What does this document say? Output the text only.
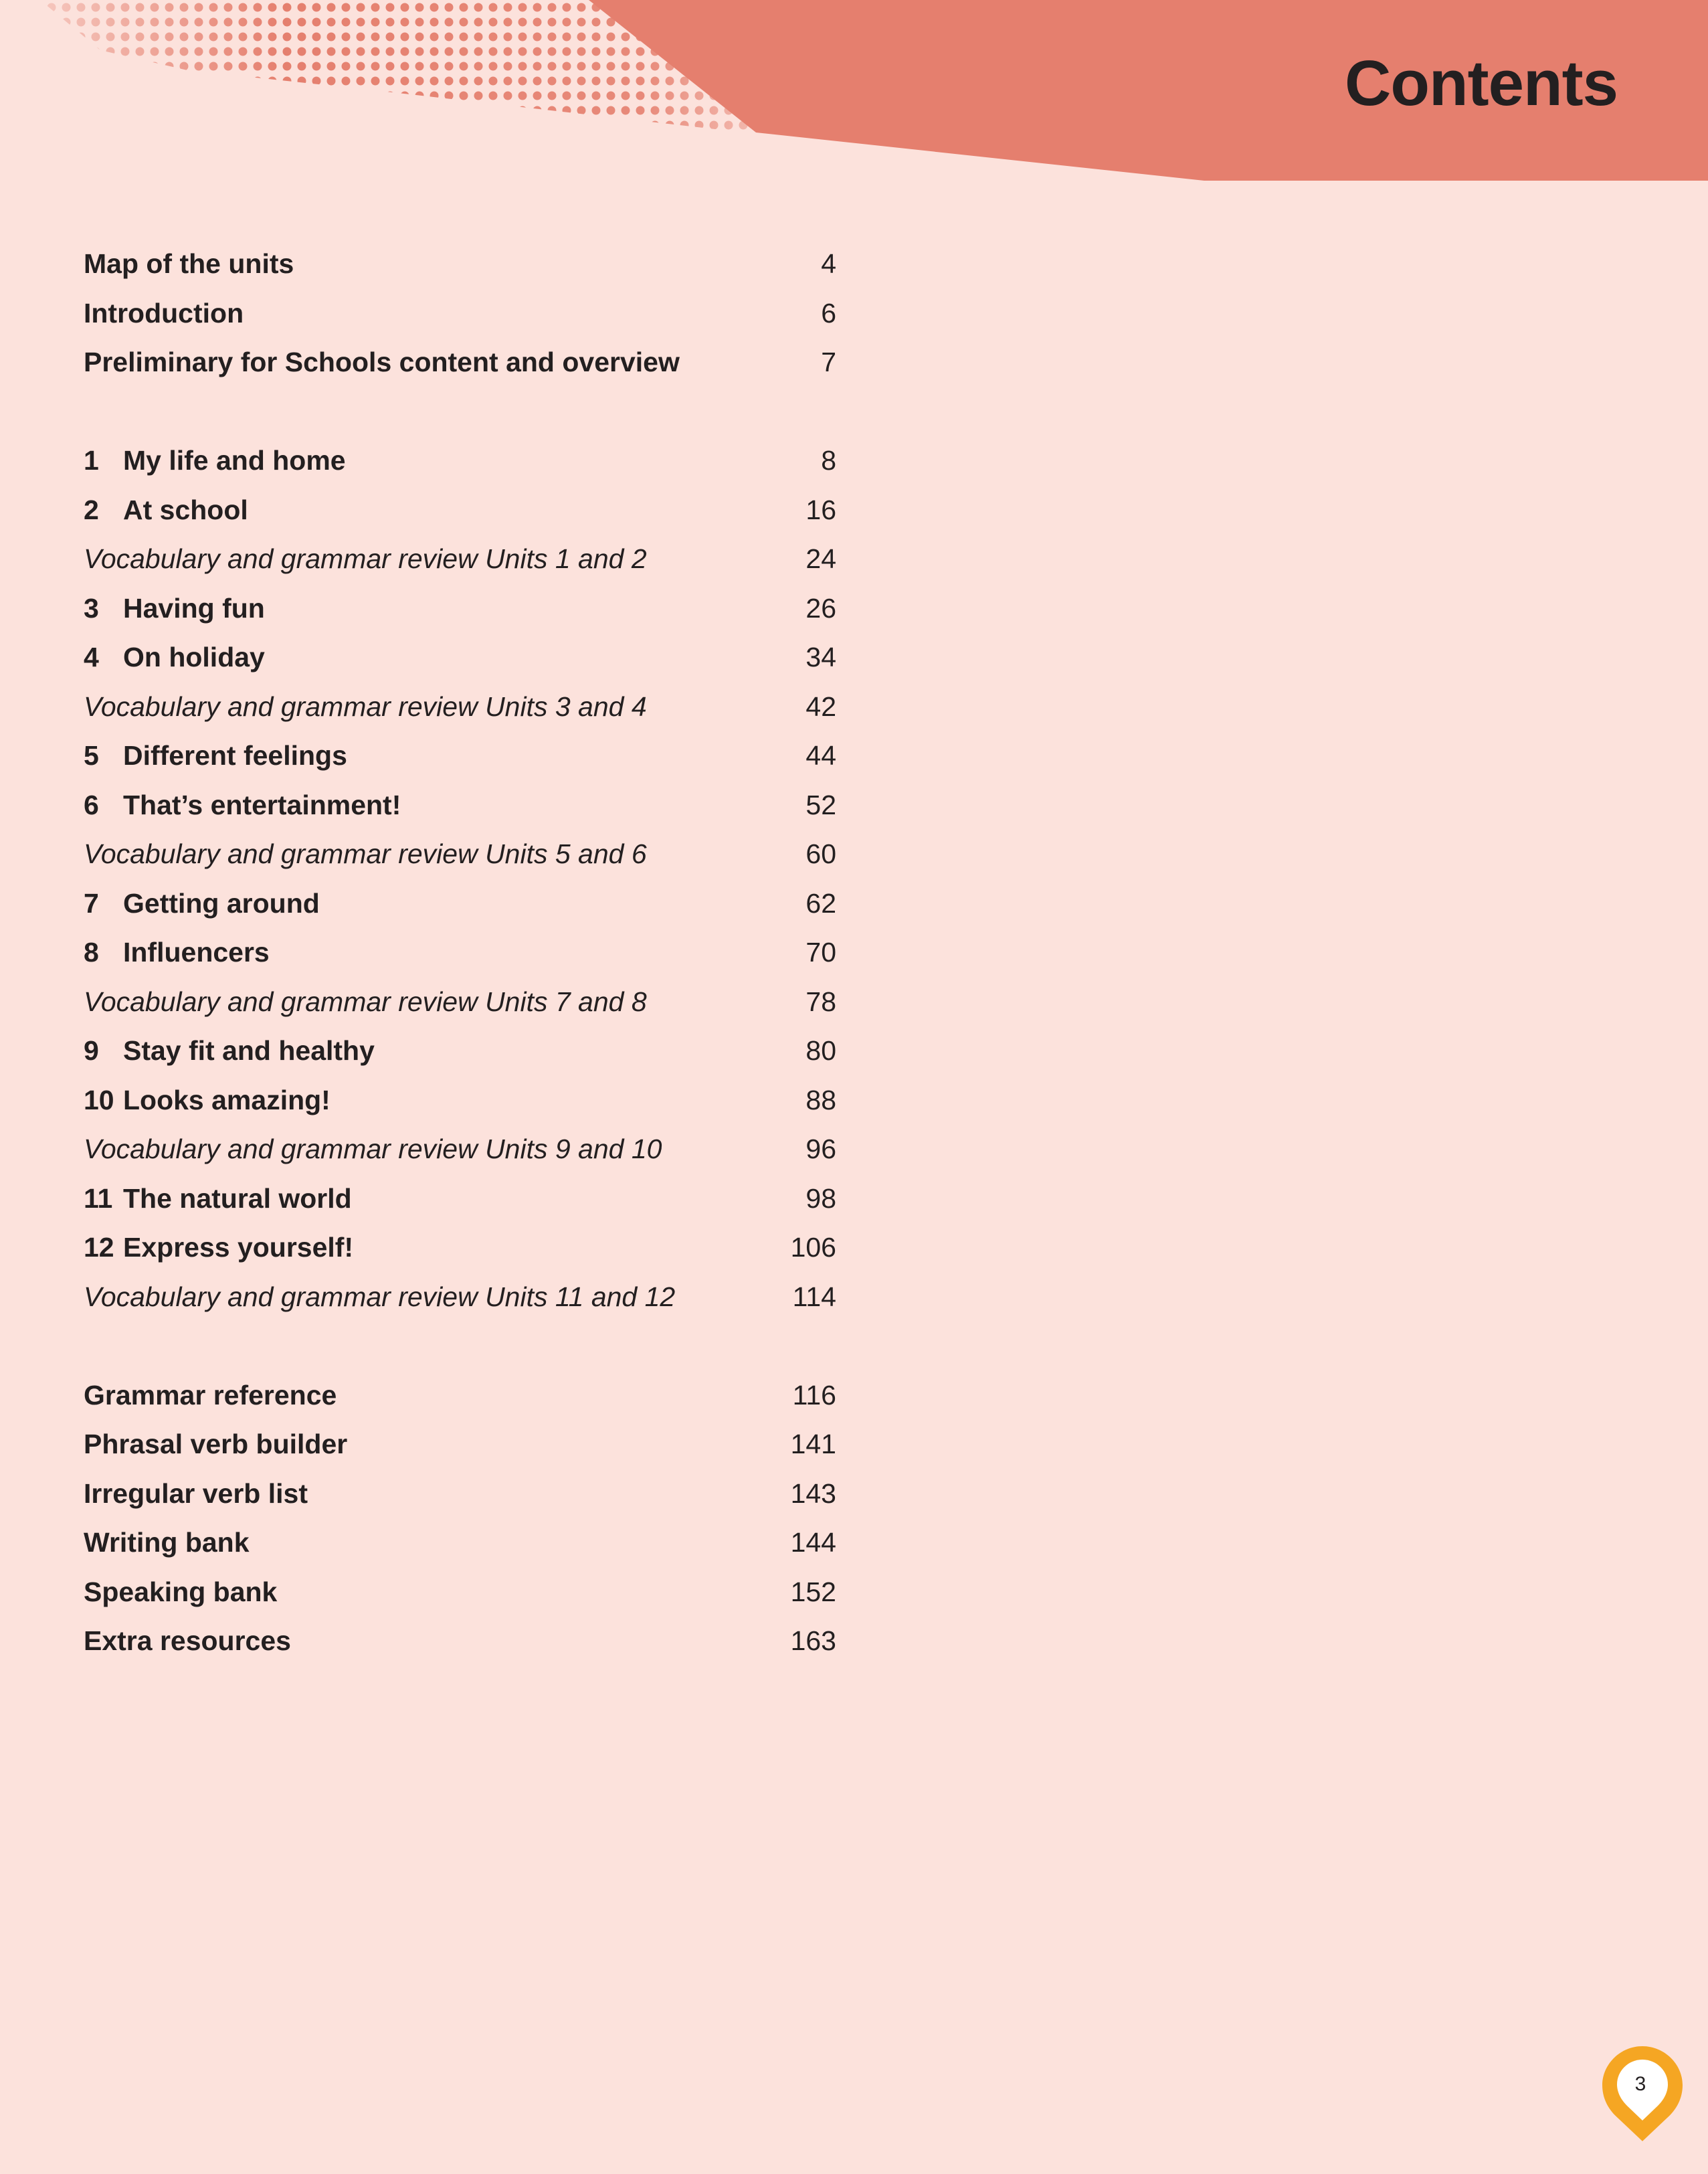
Contents
Map of the units	4
Introduction	6
Preliminary for Schools content and overview	7
1 My life and home	8
2 At school	16
Vocabulary and grammar review Units 1 and 2	24
3 Having fun	26
4 On holiday	34
Vocabulary and grammar review Units 3 and 4	42
5 Different feelings	44
6 That’s entertainment!	52
Vocabulary and grammar review Units 5 and 6	60
7 Getting around	62
8 Influencers	70
Vocabulary and grammar review Units 7 and 8	78
9 Stay fit and healthy	80
10 Looks amazing!	88
Vocabulary and grammar review Units 9 and 10	96
11 The natural world	98
12 Express yourself!	106
Vocabulary and grammar review Units 11 and 12	114
Grammar reference	116
Phrasal verb builder	141
Irregular verb list	143
Writing bank	144
Speaking bank	152
Extra resources	163
3
